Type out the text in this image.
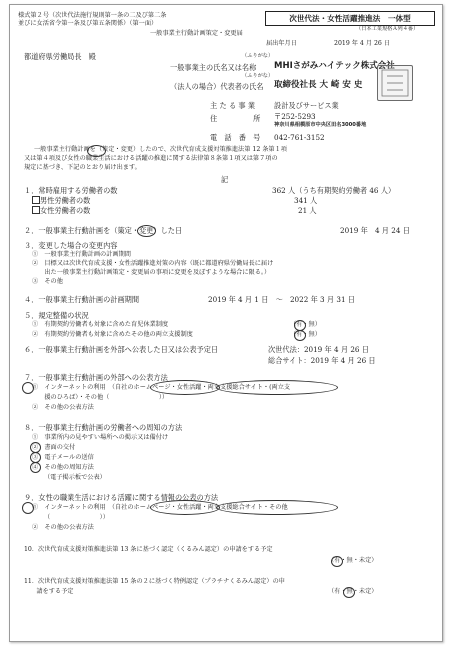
様式第２号（次世代法施行規則第一条の二及び第二条
並びに女活省令第一条及び第五条関係）（第一面）
次世代法・女性活躍推進法　一体型
（日本工業規格Ａ列４番）
一般事業主行動計画策定・変更届
届出年月日　　　　　　2019 年 4 月 26 日
都道府県労働局長　殿	（ふりがな）
一般事業主の氏名又は名称 MHIさがみハイテック株式会社
（ふりがな）
（法人の場合）代表者の氏名 取締役社長 大 崎 安 史
主 た る 事 業	設計及びサービス業
住　　　　　所 〒252-5293
神奈川県相模原市中央区田名3000番地
電　話　番　号 042-761-3152
一般事業主行動計画を（策定・変更）したので、次世代育成支援対策推進法第 12 条第１項
又は第４項及び女性の職業生活における活躍の推進に関する法律第８条第１項又は第７項の
規定に基づき、下記のとおり届け出ます。
記
１．常時雇用する労働者の数	362 人（うち有期契約労働者 46 人）
男性労働者の数	341 人
女性労働者の数	21 人
２．一般事業主行動計画を（策定・変更）した日	2019 年　4 月 24 日
３．変更した場合の変更内容
①　一般事業主行動計画の計画期間
②　目標又は次世代育成支援・女性活躍推進対策の内容（既に都道府県労働局長に届け
　　出た一般事業主行動計画策定・変更届の事項に変更を及ぼすような場合に限る。）
③　その他
４．一般事業主行動計画の計画期間	2019 年 4 月 1 日　〜　2022 年 3 月 31 日
５．規定整備の状況
①　有期契約労働者も対象に含めた育児休業制度	（有・無）
②　有期契約労働者も対象に含めたその他の両立支援制度	（有・無）
６．一般事業主行動計画を外部へ公表した日又は公表予定日	次世代法：2019 年 4 月 26 日
総合サイト：2019 年 4 月 26 日
７．一般事業主行動計画の外部への公表方法
①　インターネットの利用　（自社のホームページ・女性活躍・両立支援総合サイト・(両立支
　　援のひろば）・その他（　　　　　　　　））
②　その他の公表方法
８．一般事業主行動計画の労働者への周知の方法
①　事業所内の見やすい場所への掲示又は備付け
②　書面の交付
③　電子メールの送信
④　その他の周知方法
（電子掲示板で公表）
９．女性の職業生活における活躍に関する情報の公表の方法
①　インターネットの利用　（自社のホームページ・女性活躍・両立支援総合サイト・その他
（　　　　　　　　））
②　その他の公表方法
10．次世代育成支援対策推進法第 13 条に基づく認定（くるみん認定）の申請をする予定
（有・無・未定）
11．次世代育成支援対策推進法第 15 条の２に基づく特例認定（プラチナくるみん認定）の申
　　請をする予定	（有・無・未定）
